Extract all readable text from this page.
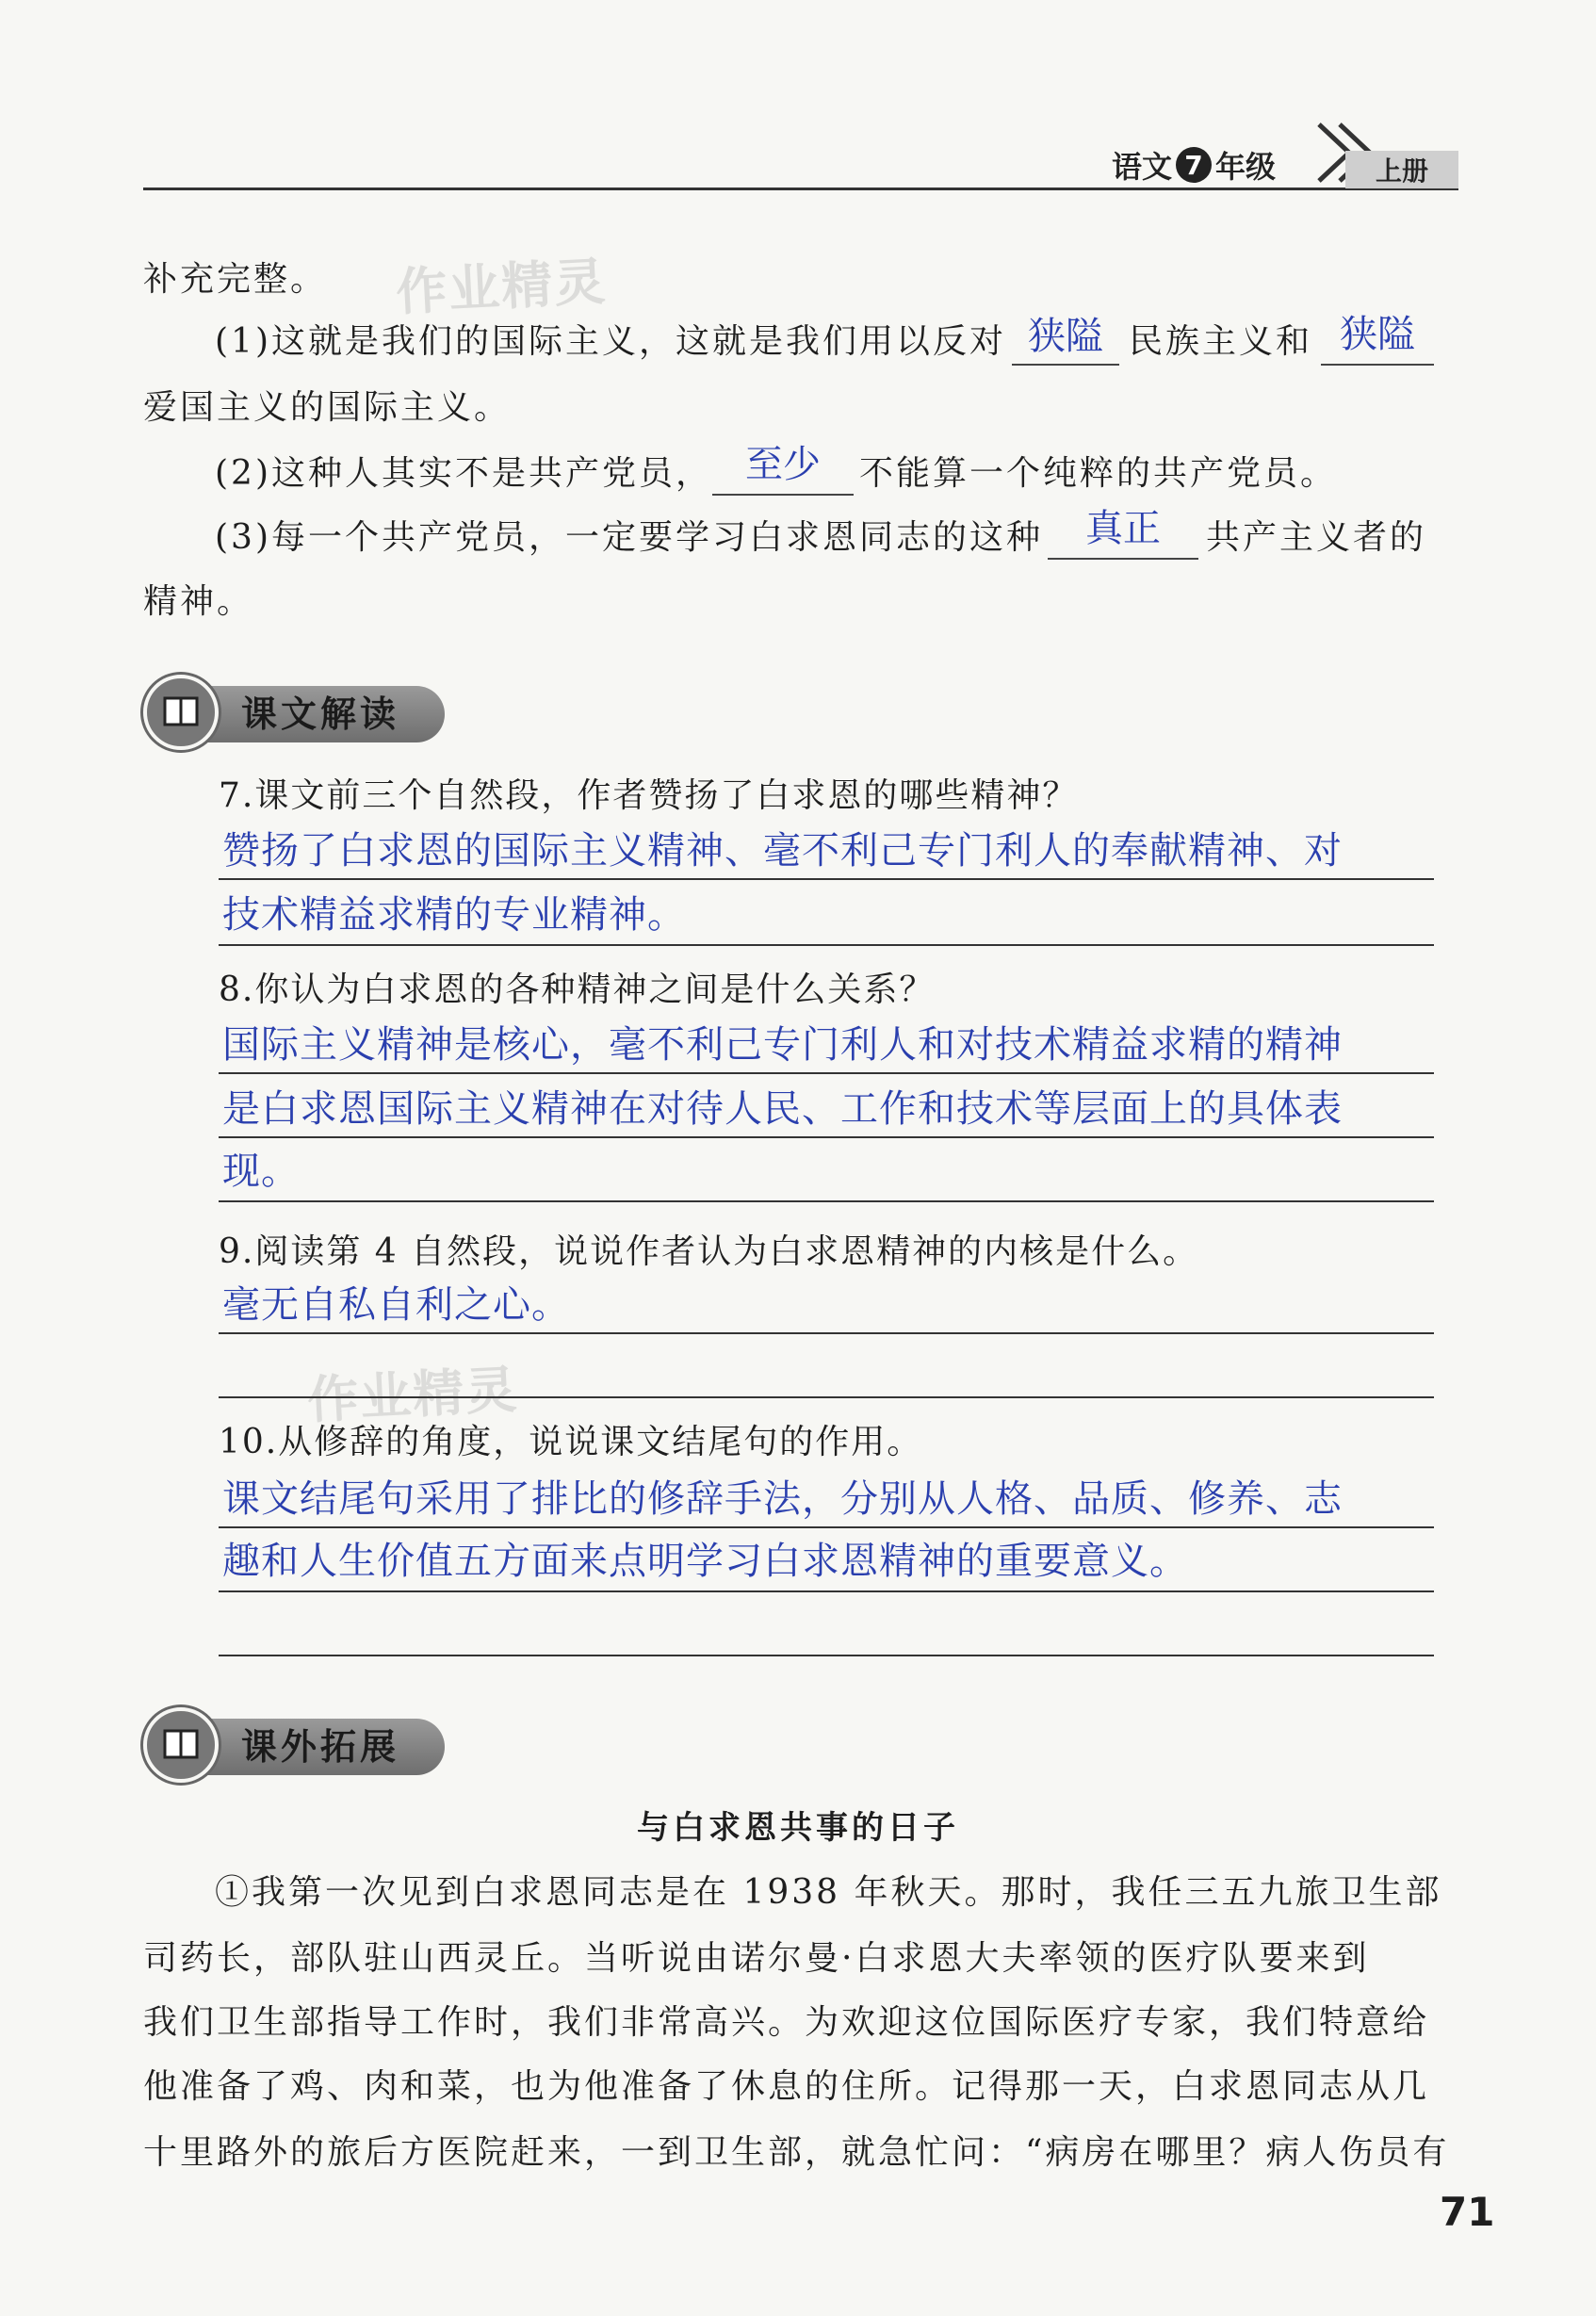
语文 7 年级	上册
作业精灵
作业精灵
补充完整。
(1)这就是我们的国际主义，这就是我们用以反对 狭隘 民族主义和 狭隘
爱国主义的国际主义。
(2)这种人其实不是共产党员， 至少	不能算一个纯粹的共产党员。
(3)每一个共产党员，一定要学习白求恩同志的这种	真正	共产主义者的
精神。
课文解读
7.课文前三个自然段，作者赞扬了白求恩的哪些精神？
赞扬了白求恩的国际主义精神、毫不利己专门利人的奉献精神、对
技术精益求精的专业精神。
8.你认为白求恩的各种精神之间是什么关系？
国际主义精神是核心，毫不利己专门利人和对技术精益求精的精神
是白求恩国际主义精神在对待人民、工作和技术等层面上的具体表
现。
9.阅读第 4 自然段，说说作者认为白求恩精神的内核是什么。
毫无自私自利之心。
10.从修辞的角度，说说课文结尾句的作用。
课文结尾句采用了排比的修辞手法，分别从人格、品质、修养、志
趣和人生价值五方面来点明学习白求恩精神的重要意义。
课外拓展
与白求恩共事的日子
①我第一次见到白求恩同志是在 1938 年秋天。那时，我任三五九旅卫生部
司药长，部队驻山西灵丘。当听说由诺尔曼·白求恩大夫率领的医疗队要来到
我们卫生部指导工作时，我们非常高兴。为欢迎这位国际医疗专家，我们特意给
他准备了鸡、肉和菜，也为他准备了休息的住所。记得那一天，白求恩同志从几
十里路外的旅后方医院赶来，一到卫生部，就急忙问：“病房在哪里？病人伤员有
71
